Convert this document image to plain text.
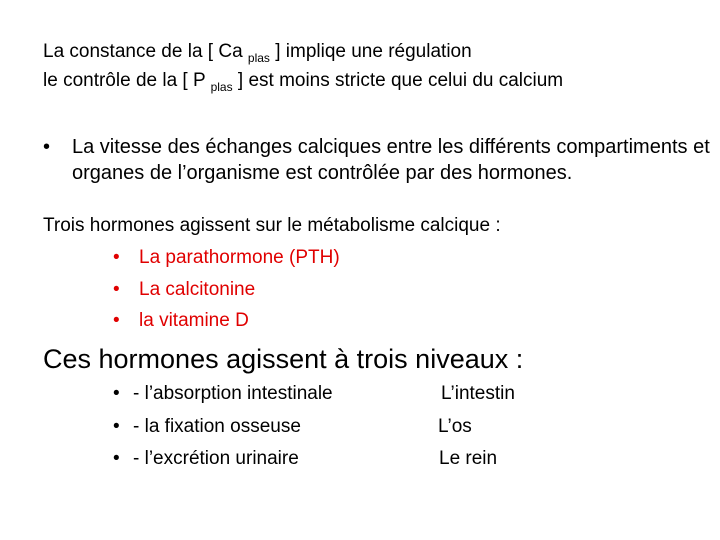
La constance de la [ Ca $_{plas}$ ] impliqe une régulation
le contrôle de la [ P $_{plas}$ ] est moins stricte que celui du calcium
• La vitesse des échanges calciques entre les différents compartiments et organes de l’organisme est contrôlée par des hormones.
Trois hormones agissent sur le métabolisme calcique :
• La parathormone (PTH)
• La calcitonine
• la vitamine D
Ces hormones agissent à trois niveaux :
• - l’absorption intestinale	L’intestin
• - la fixation osseuse	L’os
• - l’excrétion urinaire	Le rein
